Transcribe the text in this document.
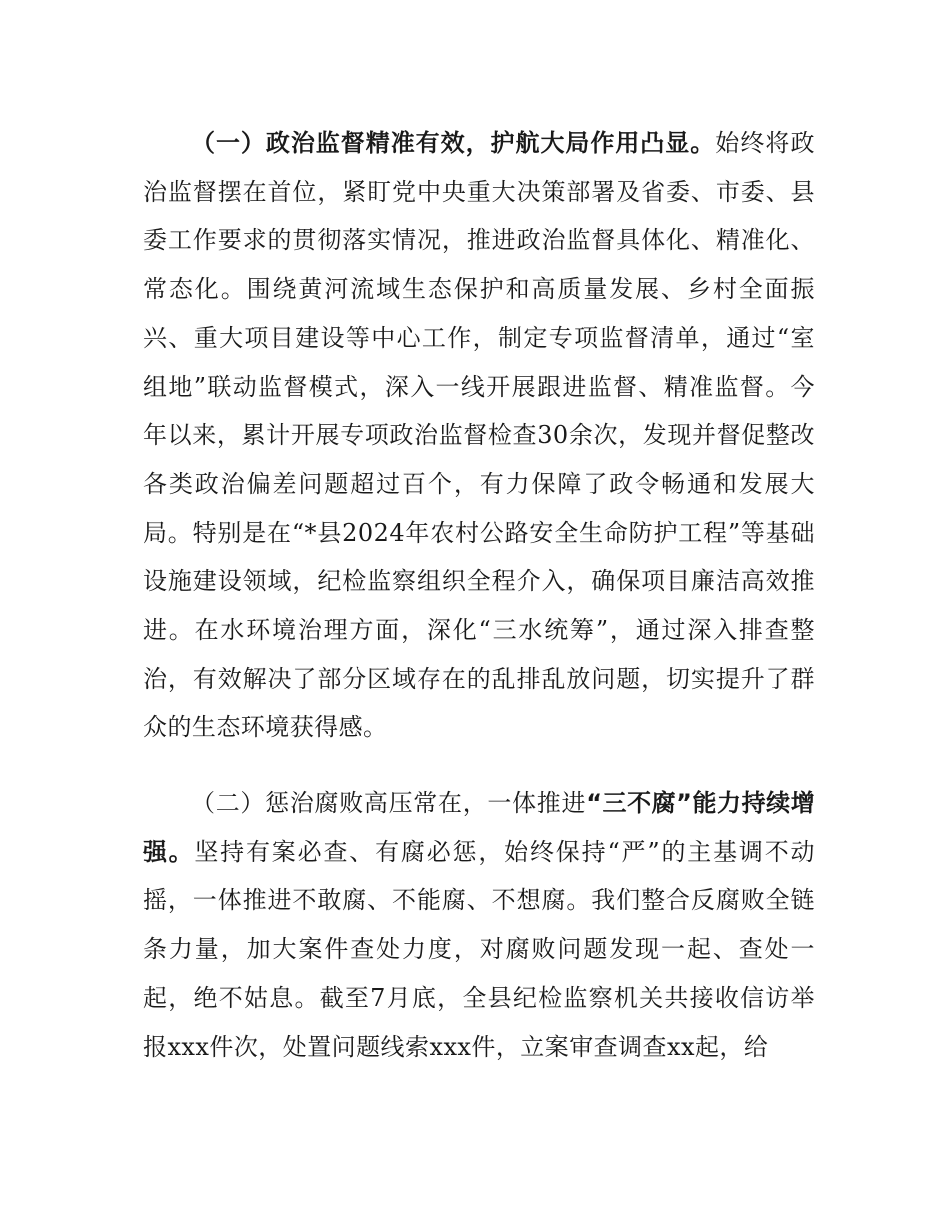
（一）政治监督精准有效，护航大局作用凸显。始终将政治监督摆在首位，紧盯党中央重大决策部署及省委、市委、县委工作要求的贯彻落实情况，推进政治监督具体化、精准化、常态化。围绕黄河流域生态保护和高质量发展、乡村全面振兴、重大项目建设等中心工作，制定专项监督清单，通过“室组地”联动监督模式，深入一线开展跟进监督、精准监督。今年以来，累计开展专项政治监督检查30余次，发现并督促整改各类政治偏差问题超过百个，有力保障了政令畅通和发展大局。特别是在“*县2024年农村公路安全生命防护工程”等基础设施建设领域，纪检监察组织全程介入，确保项目廉洁高效推进。在水环境治理方面，深化“三水统筹”，通过深入排查整治，有效解决了部分区域存在的乱排乱放问题，切实提升了群众的生态环境获得感。

（二）惩治腐败高压常在，一体推进“三不腐”能力持续增强。坚持有案必查、有腐必惩，始终保持“严”的主基调不动摇，一体推进不敢腐、不能腐、不想腐。我们整合反腐败全链条力量，加大案件查处力度，对腐败问题发现一起、查处一起，绝不姑息。截至7月底，全县纪检监察机关共接收信访举报xxx件次，处置问题线索xxx件，立案审查调查xx起，给
